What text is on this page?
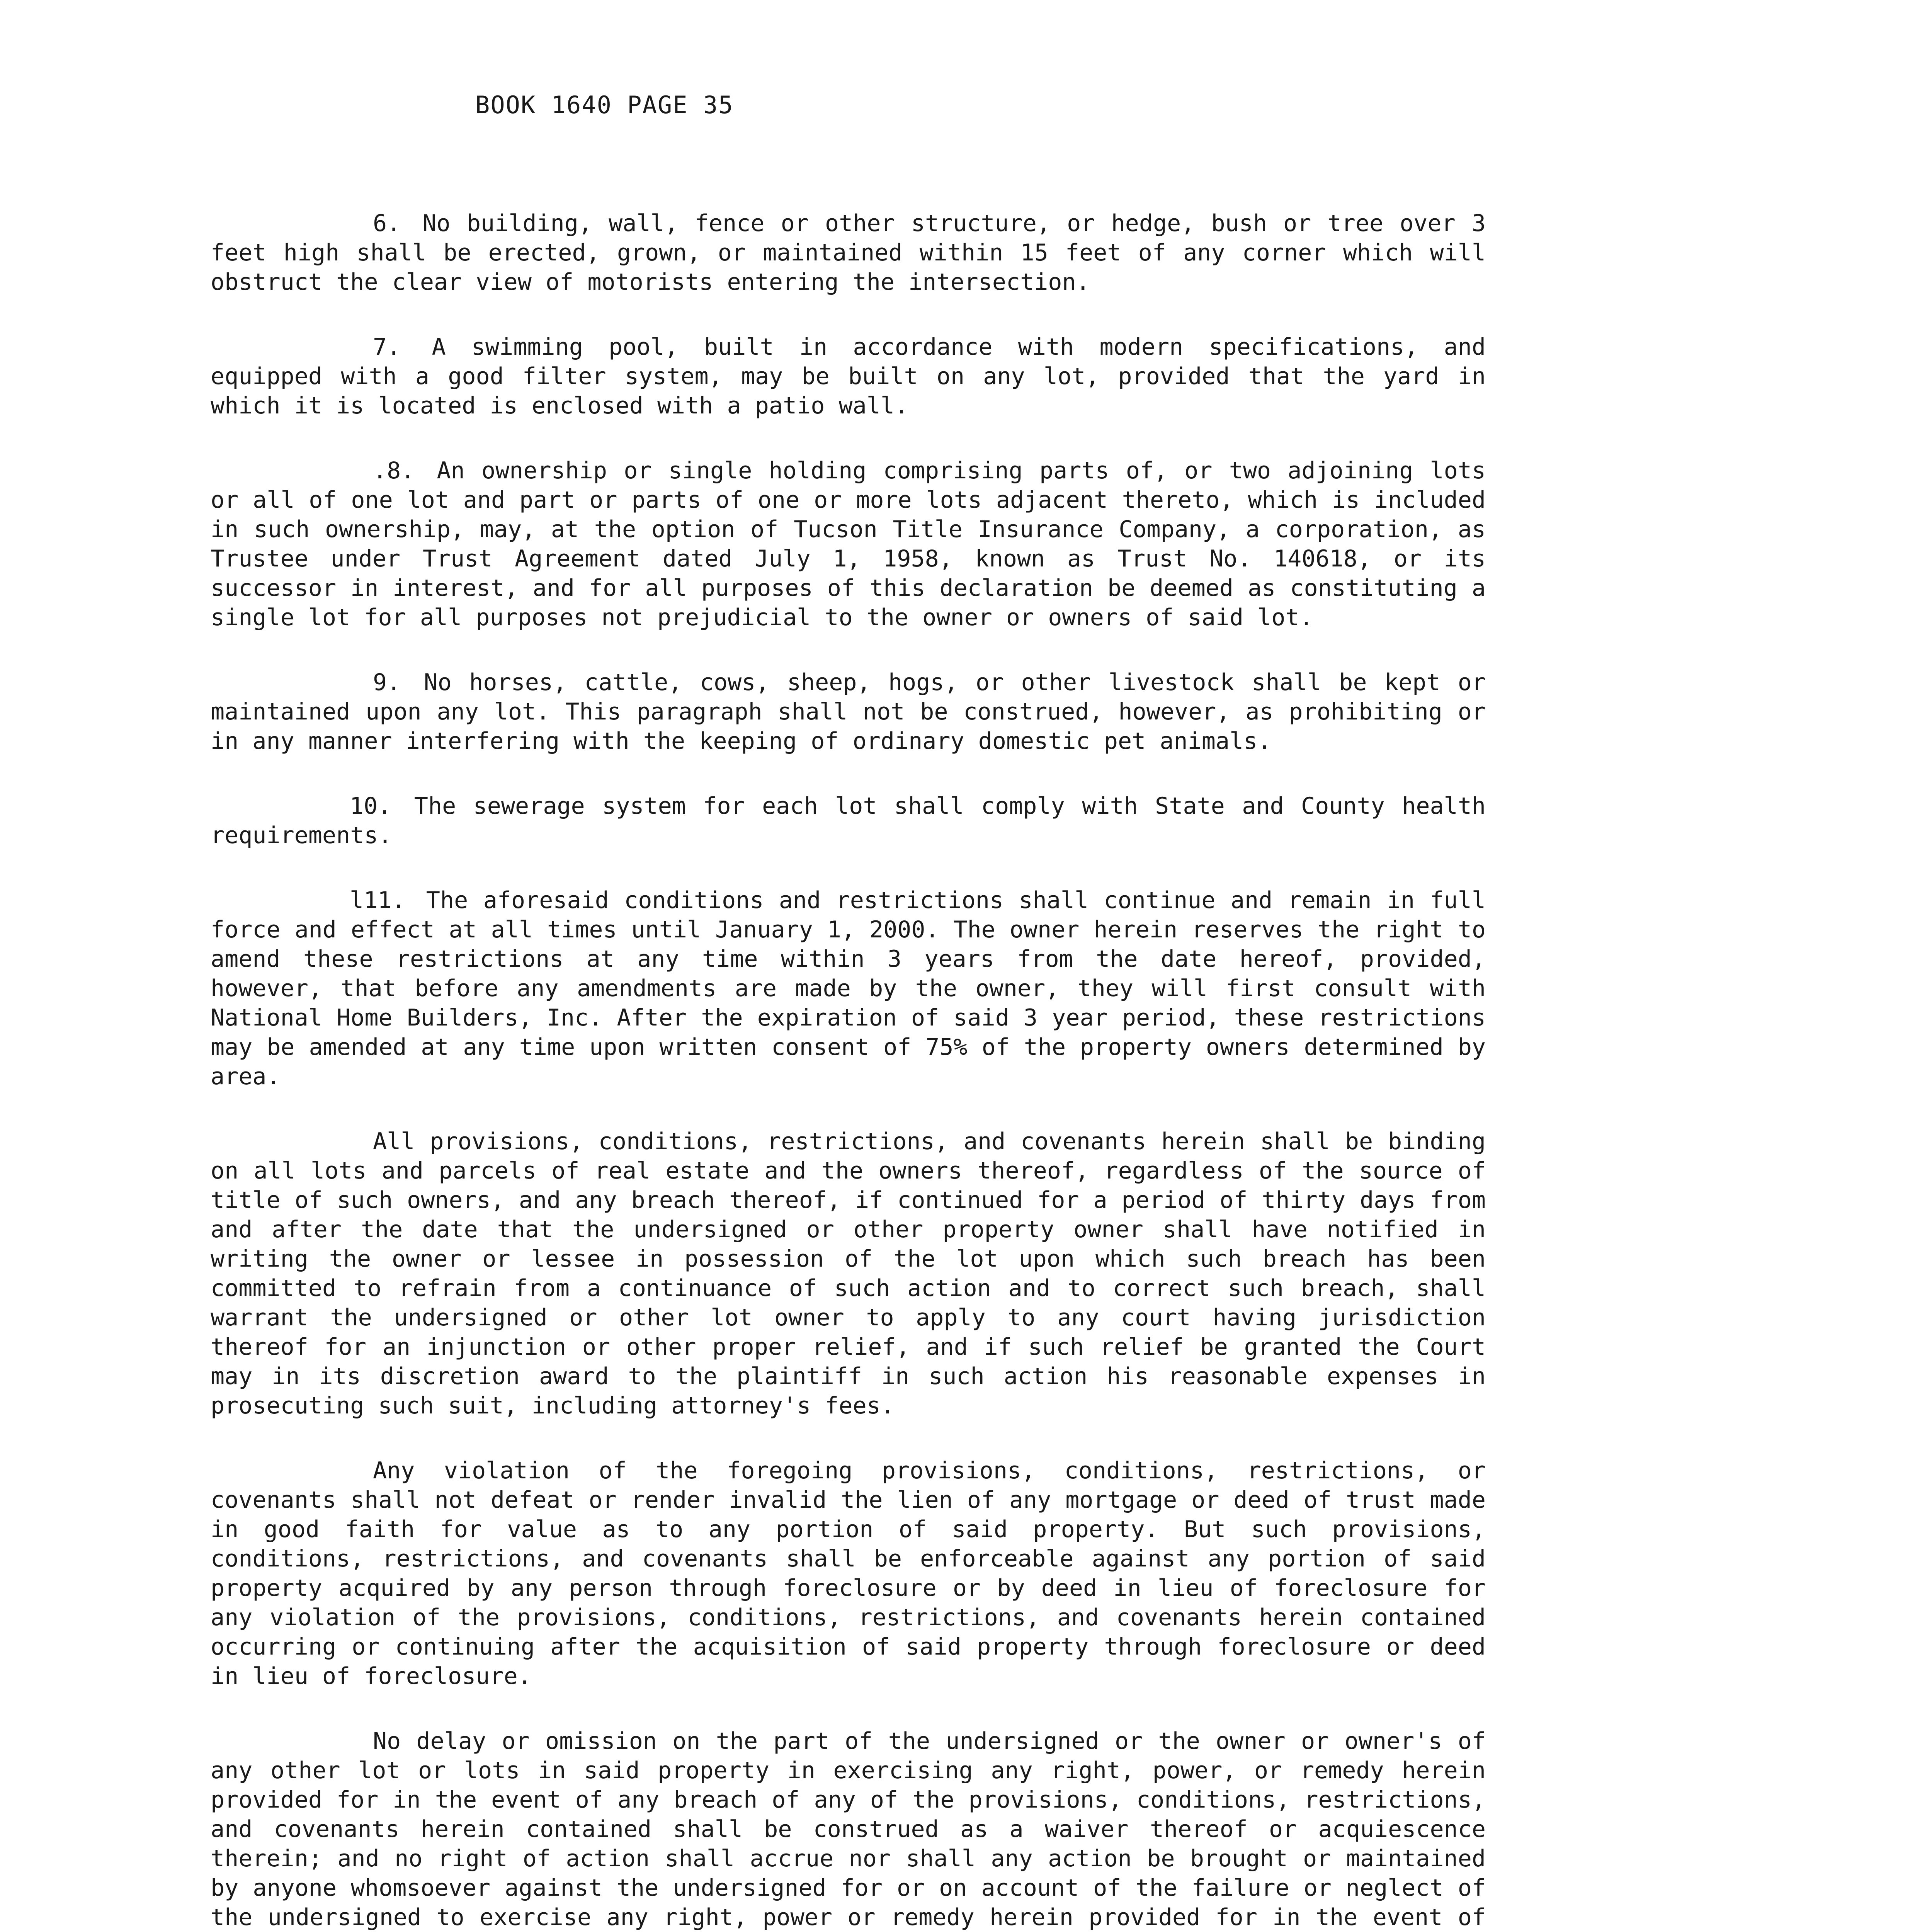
BOOK 1640 PAGE 35

6. No building, wall, fence or other structure, or hedge, bush or tree over 3 feet high shall be erected, grown, or maintained within 15 feet of any corner which will obstruct the clear view of motorists entering the intersection.

7. A swimming pool, built in accordance with modern specifications, and equipped with a good filter system, may be built on any lot, provided that the yard in which it is located is enclosed with a patio wall.

.8. An ownership or single holding comprising parts of, or two adjoining lots or all of one lot and part or parts of one or more lots adjacent thereto, which is included in such ownership, may, at the option of Tucson Title Insurance Company, a corporation, as Trustee under Trust Agreement dated July 1, 1958, known as Trust No. 140618, or its successor in interest, and for all purposes of this declaration be deemed as constituting a single lot for all purposes not prejudicial to the owner or owners of said lot.

9. No horses, cattle, cows, sheep, hogs, or other livestock shall be kept or maintained upon any lot. This paragraph shall not be construed, however, as prohibiting or in any manner interfering with the keeping of ordinary domestic pet animals.

10. The sewerage system for each lot shall comply with State and County health requirements.

l11. The aforesaid conditions and restrictions shall continue and remain in full force and effect at all times until January 1, 2000. The owner herein reserves the right to amend these restrictions at any time within 3 years from the date hereof, provided, however, that before any amendments are made by the owner, they will first consult with National Home Builders, Inc. After the expiration of said 3 year period, these restrictions may be amended at any time upon written consent of 75% of the property owners determined by area.

All provisions, conditions, restrictions, and covenants herein shall be binding on all lots and parcels of real estate and the owners thereof, regardless of the source of title of such owners, and any breach thereof, if continued for a period of thirty days from and after the date that the undersigned or other property owner shall have notified in writing the owner or lessee in possession of the lot upon which such breach has been committed to refrain from a continuance of such action and to correct such breach, shall warrant the undersigned or other lot owner to apply to any court having jurisdiction thereof for an injunction or other proper relief, and if such relief be granted the Court may in its discretion award to the plaintiff in such action his reasonable expenses in prosecuting such suit, including attorney's fees.

Any violation of the foregoing provisions, conditions, restrictions, or covenants shall not defeat or render invalid the lien of any mortgage or deed of trust made in good faith for value as to any portion of said property. But such provisions, conditions, restrictions, and covenants shall be enforceable against any portion of said property acquired by any person through foreclosure or by deed in lieu of foreclosure for any violation of the provisions, conditions, restrictions, and covenants herein contained occurring or continuing after the acquisition of said property through foreclosure or deed in lieu of foreclosure.

No delay or omission on the part of the undersigned or the owner or owner's of any other lot or lots in said property in exercising any right, power, or remedy herein provided for in the event of any breach of any of the provisions, conditions, restrictions, and covenants herein contained shall be construed as a waiver thereof or acquiescence therein; and no right of action shall accrue nor shall any action be brought or maintained by anyone whomsoever against the undersigned for or on account of the failure or neglect of the undersigned to exercise any right, power or remedy herein provided for in the event of
